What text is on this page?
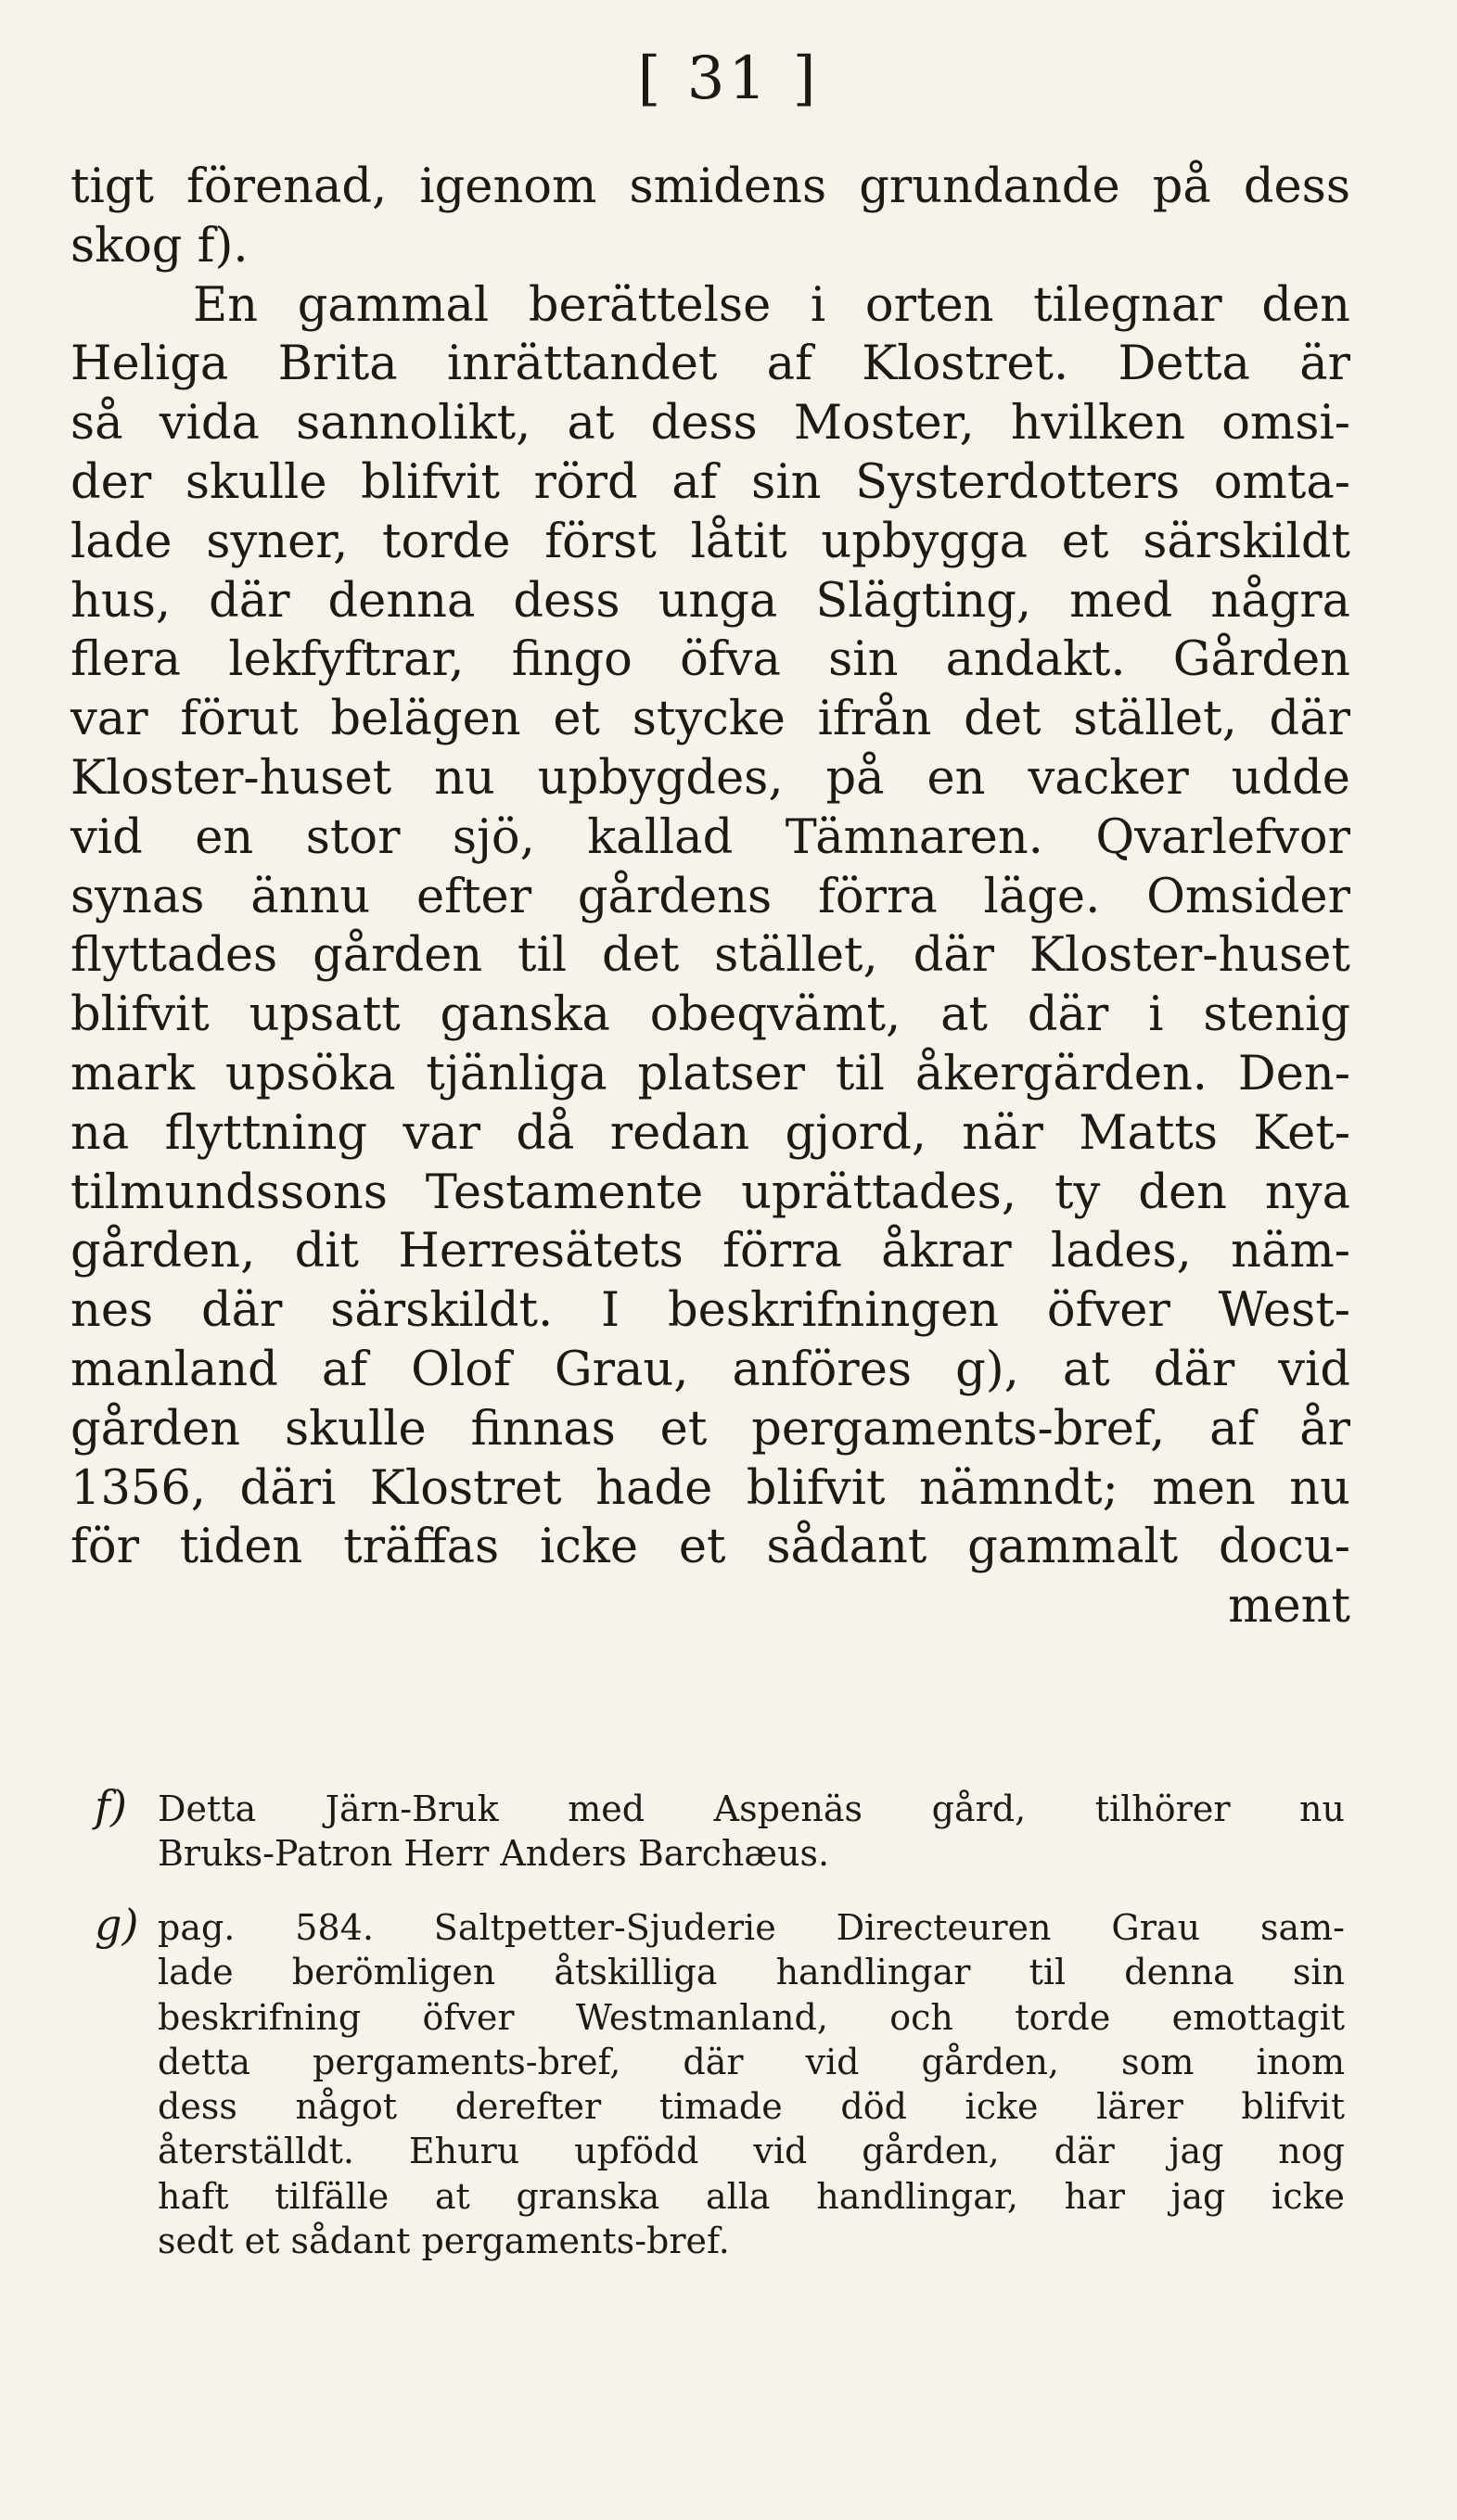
[ 31 ]
tigt förenad, igenom smidens grundande på dess
skog f).
En gammal berättelse i orten tilegnar den
Heliga Brita inrättandet af Klostret. Detta är
så vida sannolikt, at dess Moster, hvilken omsi-
der skulle blifvit rörd af sin Systerdotters omta-
lade syner, torde först låtit upbygga et särskildt
hus, där denna dess unga Slägting, med några
flera lekfyftrar, fingo öfva sin andakt. Gården
var förut belägen et stycke ifrån det stället, där
Kloster-huset nu upbygdes, på en vacker udde
vid en stor sjö, kallad Tämnaren. Qvarlefvor
synas ännu efter gårdens förra läge. Omsider
flyttades gården til det stället, där Kloster-huset
blifvit upsatt ganska obeqvämt, at där i stenig
mark upsöka tjänliga platser til åkergärden. Den-
na flyttning var då redan gjord, när Matts Ket-
tilmundssons Testamente uprättades, ty den nya
gården, dit Herresätets förra åkrar lades, näm-
nes där särskildt. I beskrifningen öfver West-
manland af Olof Grau, anföres g), at där vid
gården skulle finnas et pergaments-bref, af år
1356, däri Klostret hade blifvit nämndt; men nu
för tiden träffas icke et sådant gammalt docu-
ment
f) Detta Järn-Bruk med Aspenäs gård, tilhörer nu
Bruks-Patron Herr Anders Barchæus.
g) pag. 584. Saltpetter-Sjuderie Directeuren Grau sam-
lade berömligen åtskilliga handlingar til denna sin
beskrifning öfver Westmanland, och torde emottagit
detta pergaments-bref, där vid gården, som inom
dess något derefter timade död icke lärer blifvit
återställdt. Ehuru upfödd vid gården, där jag nog
haft tilfälle at granska alla handlingar, har jag icke
sedt et sådant pergaments-bref.
